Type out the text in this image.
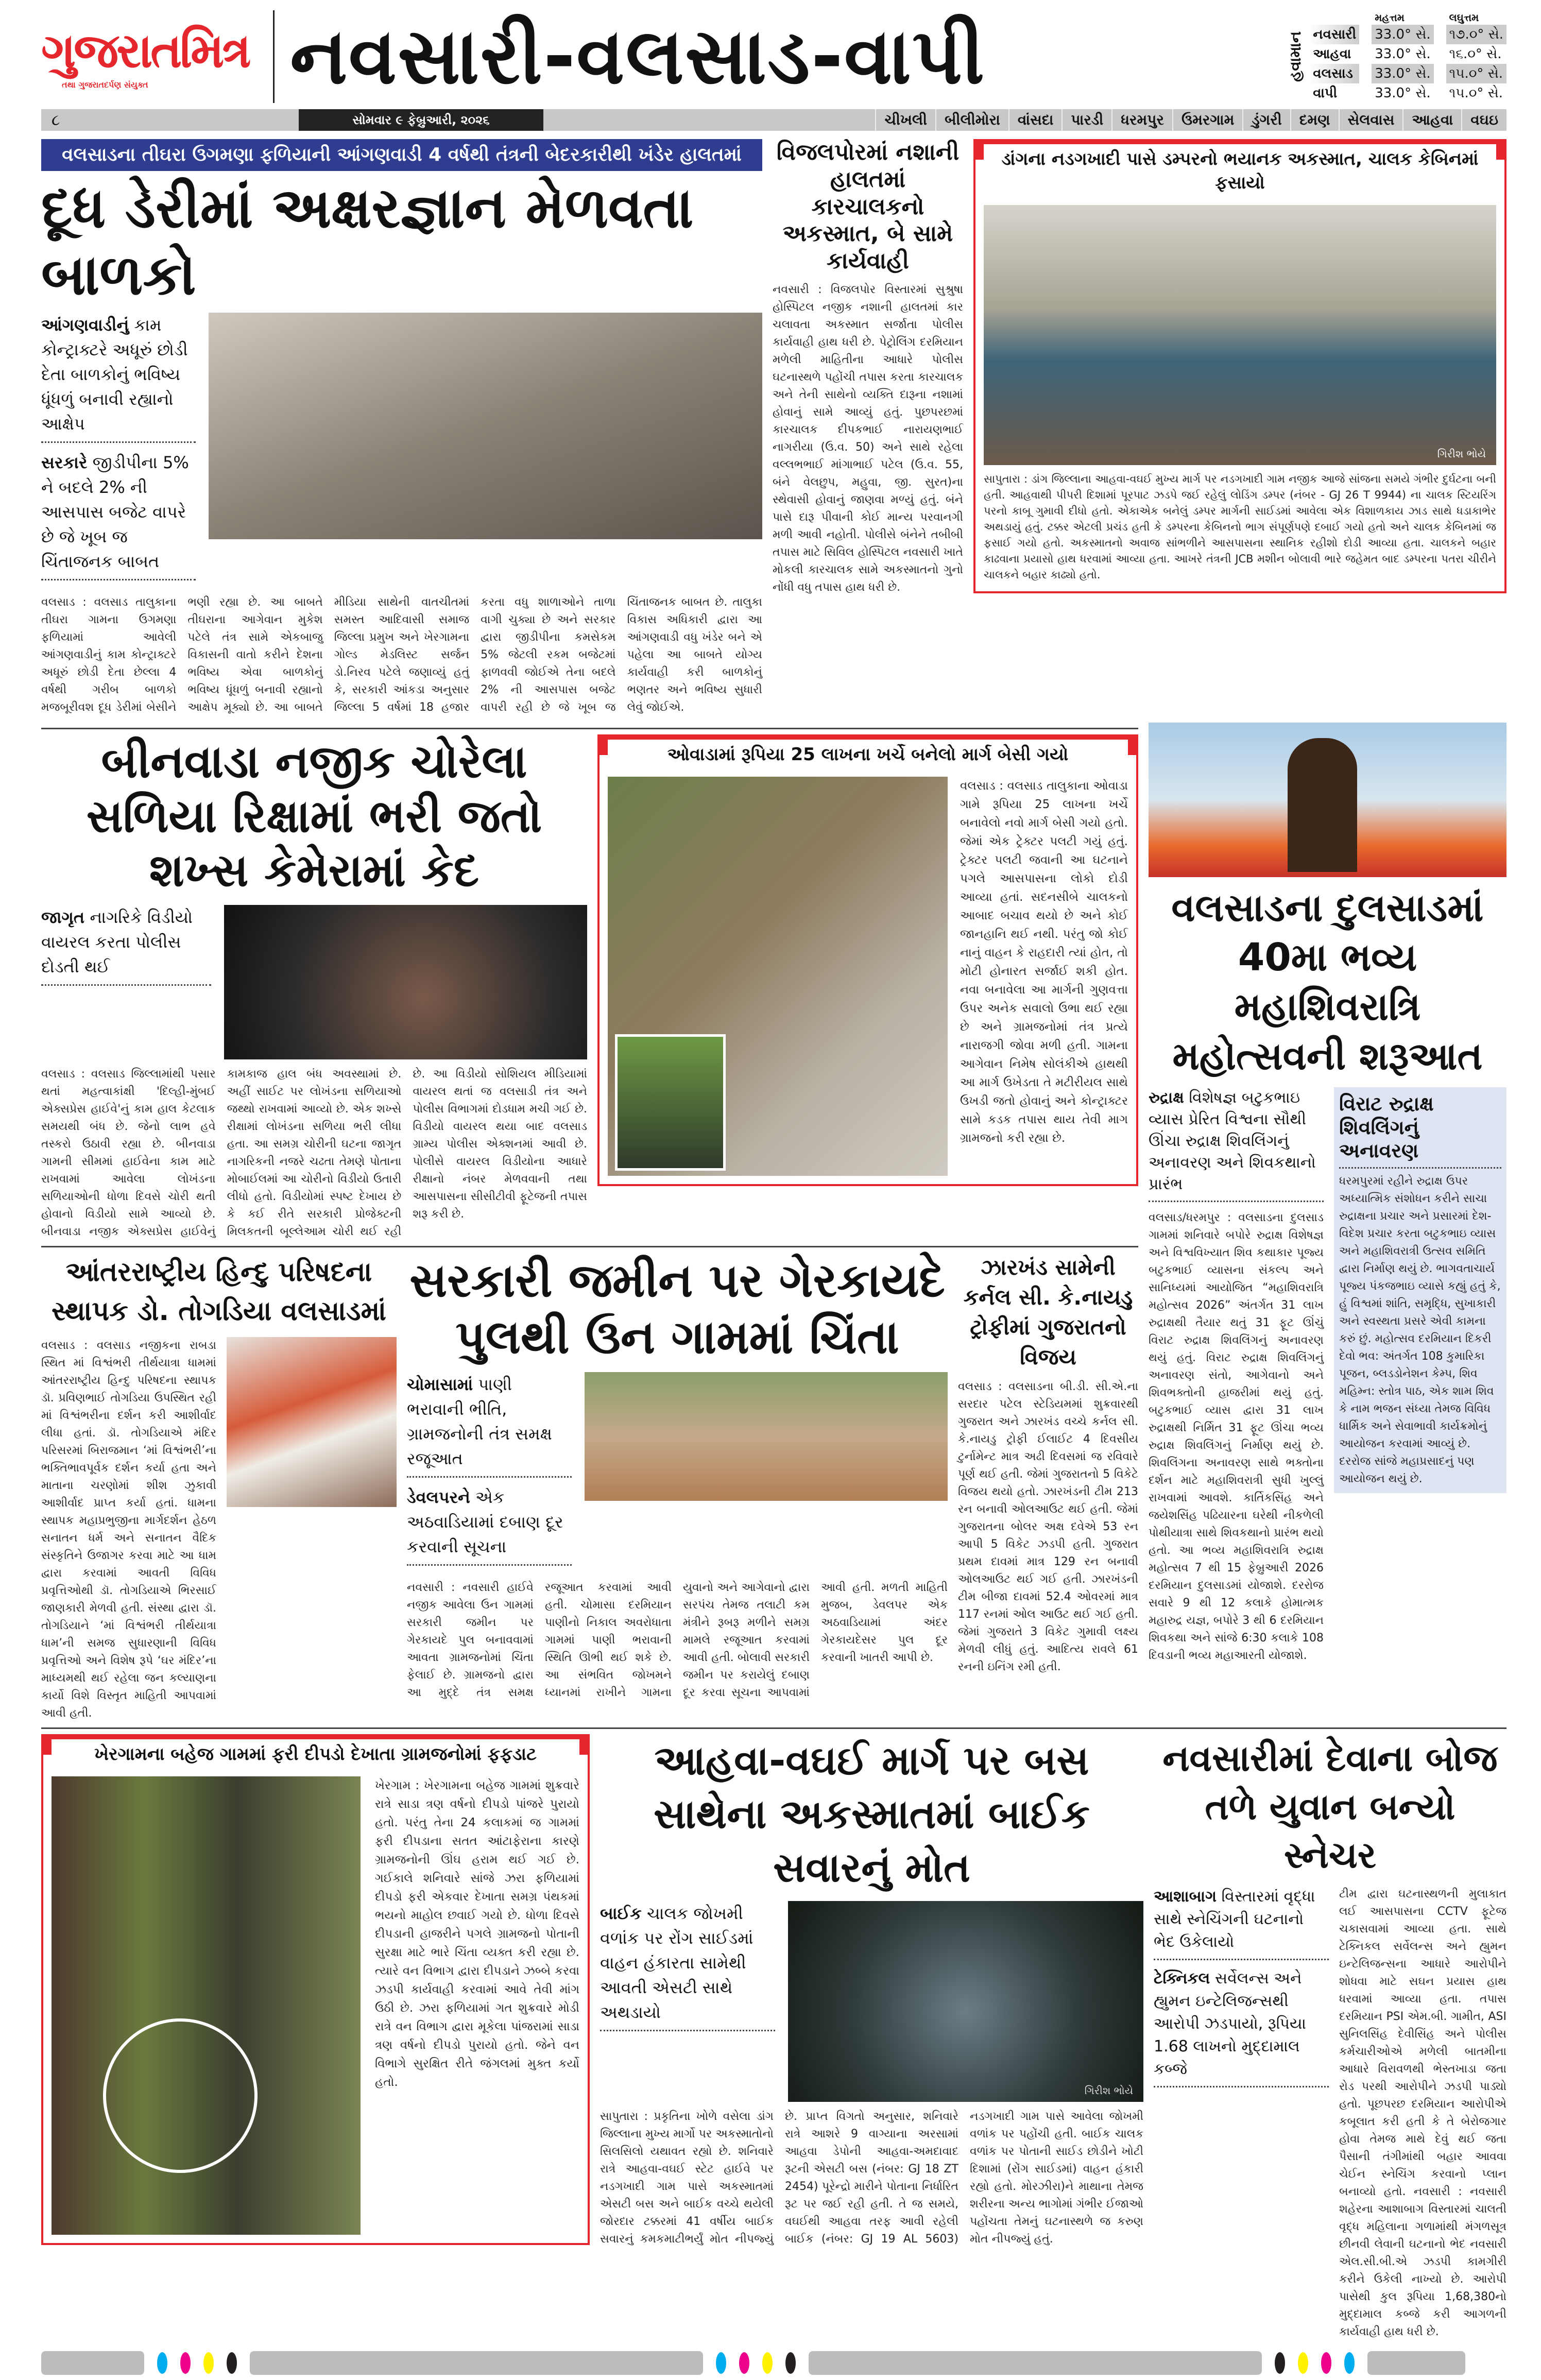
ગુજરાતમિત્ર
તથા ગુજરાતદર્પણ સંયુક્ત	નવસારી-વલસાડ-વાપી	હવામાન
મહત્તમ	લઘુત્તમ
નવસારી 33.0° સે. ૧૭.૦° સે.
આહવા	33.0° સે. ૧૬.૦° સે.
વલસાડ	33.0° સે. ૧૫.૦° સે.
વાપી	33.0° સે. ૧૫.૦° સે.
૮	સોમવાર ૯ ફેબ્રુઆરી, ૨૦૨૬	ચીખલી	બીલીમોરા	વાંસદા	પારડી	ધરમપુર	ઉમરગામ	ડુંગરી	દમણ	સેલવાસ	આહવા	વઘઇ
વલસાડના તીઘરા ઉગમણા ફળિયાની આંગણવાડી 4 વર્ષથી તંત્રની બેદરકારીથી ખંડેર હાલતમાં
દૂધ ડેરીમાં અક્ષરજ્ઞાન મેળવતા બાળકો
આંગણવાડીનું કામ કોન્ટ્રાક્ટરે અધૂરું છોડી દેતા બાળકોનું ભવિષ્ય ધૂંધળું બનાવી રહ્યાનો આક્ષેપ
સરકારે જીડીપીના 5% ને બદલે 2% ની આસપાસ બજેટ વાપરે છે જે ખૂબ જ ચિંતાજનક બાબત
વલસાડ : વલસાડ તાલુકાના તીઘરા ગામના ઉગમણા ફળિયામાં આવેલી આંગણવાડીનું કામ કોન્ટ્રાક્ટરે અધૂરું છોડી દેતા છેલ્લા 4 વર્ષથી ગરીબ બાળકો મજબૂરીવશ દૂધ ડેરીમાં બેસીને ભણી રહ્યા છે. આ બાબતે તીઘરાના આગેવાન મુકેશ પટેલે તંત્ર સામે એકબાજુ વિકાસની વાતો કરીને દેશના ભવિષ્ય એવા બાળકોનું ભવિષ્ય ધૂંધળું બનાવી રહ્યાનો આક્ષેપ મૂક્યો છે. આ બાબતે મીડિયા સાથેની વાતચીતમાં સમસ્ત આદિવાસી સમાજ જિલ્લા પ્રમુખ અને ખેરગામના ગોલ્ડ મેડલિસ્ટ સર્જન ડો.નિરવ પટેલે જણાવ્યું હતું કે, સરકારી આંકડા અનુસાર જિલ્લા 5 વર્ષમાં 18 હજાર કરતા વધુ શાળાઓને તાળા વાગી ચુક્યા છે અને સરકાર દ્વારા જીડીપીના કમસેકમ 5% જેટલી રકમ બજેટમાં ફાળવવી જોઈએ તેના બદલે 2% ની આસપાસ બજેટ વાપરી રહી છે જે ખૂબ જ ચિંતાજનક બાબત છે. તાલુકા વિકાસ અધિકારી દ્વારા આ આંગણવાડી વધુ ખંડેર બને એ પહેલા આ બાબતે યોગ્ય કાર્યવાહી કરી બાળકોનું ભણતર અને ભવિષ્ય સુધારી લેવું જોઈએ.
વિજલપોરમાં નશાની હાલતમાં કારચાલકનો અકસ્માત, બે સામે કાર્યવાહી
નવસારી : વિજલપોર વિસ્તારમાં સુશ્રુષા હોસ્પિટલ નજીક નશાની હાલતમાં કાર ચલાવતા અકસ્માત સર્જાતા પોલીસ કાર્યવાહી હાથ ધરી છે. પેટ્રોલિંગ દરમિયાન મળેલી માહિતીના આધારે પોલીસ ઘટનાસ્થળે પહોંચી તપાસ કરતા કારચાલક અને તેની સાથેનો વ્યક્તિ દારૂના નશામાં હોવાનું સામે આવ્યું હતું. પુછપરછમાં કારચાલક દીપકભાઈ નારાયણભાઈ નાગરીયા (ઉ.વ. 50) અને સાથે રહેલા વલ્લભભાઈ માંગાભાઈ પટેલ (ઉ.વ. 55, બંને વેલછુપ, મહુવા, જી. સુરત)ના સ્થેવાસી હોવાનું જાણવા મળ્યું હતું. બંને પાસે દારૂ પીવાની કોઈ માન્ય પરવાનગી મળી આવી નહોતી. પોલીસે બંનેને તબીબી તપાસ માટે સિવિલ હોસ્પિટલ નવસારી ખાતે મોકલી કારચાલક સામે અકસ્માતનો ગુનો નોંધી વધુ તપાસ હાથ ધરી છે.
ડાંગના નડગખાદી પાસે ડમ્પરનો ભયાનક અકસ્માત, ચાલક કેબિનમાં ફસાયો
ગિરીશ ભોયે
સાપુતારા : ડાંગ જિલ્લાના આહવા-વઘઈ મુખ્ય માર્ગ પર નડગખાદી ગામ નજીક આજે સાંજના સમયે ગંભીર દુર્ઘટના બની હતી. આહવાથી પીપરી દિશામાં પૂરપાટ ઝડપે જઈ રહેલું લોડિંગ ડમ્પર (નંબર - GJ 26 T 9944) ના ચાલક સ્ટિયરિંગ પરનો કાબૂ ગુમાવી દીધો હતો. એકાએક બનેલું ડમ્પર માર્ગની સાઈડમાં આવેલા એક વિશાળકાય ઝાડ સાથે ધડાકાભેર અથડાયું હતું. ટક્કર એટલી પ્રચંડ હતી કે ડમ્પરના કેબિનનો ભાગ સંપૂર્ણપણે દબાઈ ગયો હતો અને ચાલક કેબિનમાં જ ફસાઈ ગયો હતો. અકસ્માતનો અવાજ સાંભળીને આસપાસના સ્થાનિક રહીશો દોડી આવ્યા હતા. ચાલકને બહાર કાઢવાના પ્રયાસો હાથ ધરવામાં આવ્યા હતા. આખરે તંત્રની JCB મશીન બોલાવી ભારે જહેમત બાદ ડમ્પરના પતરા ચીરીને ચાલકને બહાર કાઢ્યો હતો.
બીનવાડા નજીક ચોરેલા સળિયા રિક્ષામાં ભરી જતો શખ્સ કેમેરામાં કેદ
જાગૃત નાગરિકે વિડીયો વાયરલ કરતા પોલીસ દોડતી થઈ
વલસાડ : વલસાડ જિલ્લામાંથી પસાર થતાં મહત્વાકાંક્ષી 'દિલ્હી-મુંબઈ એક્સપ્રેસ હાઈવે'નું કામ હાલ કેટલાક સમયથી બંધ છે. જેનો લાભ હવે તસ્કરો ઉઠાવી રહ્યા છે. બીનવાડા ગામની સીમમાં હાઈવેના કામ માટે રાખવામાં આવેલા લોખંડના સળિયાઓની ધોળા દિવસે ચોરી થતી હોવાનો વિડીયો સામે આવ્યો છે. બીનવાડા નજીક એક્સપ્રેસ હાઈવેનું કામકાજ હાલ બંધ અવસ્થામાં છે. અહીં સાઈટ પર લોખંડના સળિયાઓ જથ્થો રાખવામાં આવ્યો છે. એક શખ્સે રીક્ષામાં લોખંડના સળિયા ભરી લીધા હતા. આ સમગ્ર ચોરીની ઘટના જાગૃત નાગરિકની નજરે ચઢતા તેમણે પોતાના મોબાઈલમાં આ ચોરીનો વિડીયો ઉતારી લીધો હતો. વિડીયોમાં સ્પષ્ટ દેખાય છે કે કઈ રીતે સરકારી પ્રોજેક્ટની મિલકતની બૂલ્લેઆમ ચોરી થઈ રહી છે. આ વિડીયો સોશિયલ મીડિયામાં વાયરલ થતાં જ વલસાડી તંત્ર અને પોલીસ વિભાગમાં દોડધામ મચી ગઈ છે. વિડીયો વાયરલ થયા બાદ વલસાડ ગ્રામ્ય પોલીસ એક્શનમાં આવી છે. પોલીસે વાયરલ વિડીયોના આધારે રીક્ષાનો નંબર મેળવવાની તથા આસપાસના સીસીટીવી ફૂટેજની તપાસ શરૂ કરી છે.
ઓવાડામાં રૂપિયા 25 લાખના ખર્ચે બનેલો માર્ગ બેસી ગયો
વલસાડ : વલસાડ તાલુકાના ઓવાડા ગામે રૂપિયા 25 લાખના ખર્ચે બનાવેલો નવો માર્ગ બેસી ગયો હતો. જેમાં એક ટ્રેક્ટર પલટી ગયું હતું. ટ્રેક્ટર પલટી જવાની આ ઘટનાને પગલે આસપાસના લોકો દોડી આવ્યા હતાં. સદનસીબે ચાલકનો આબાદ બચાવ થયો છે અને કોઈ જાનહાનિ થઈ નથી. પરંતુ જો કોઈ નાનું વાહન કે રાહદારી ત્યાં હોત, તો મોટી હોનારત સર્જાઈ શકી હોત. નવા બનાવેલા આ માર્ગની ગુણવત્તા ઉપર અનેક સવાલો ઉભા થઈ રહ્યા છે અને ગ્રામજનોમાં તંત્ર પ્રત્યે નારાજગી જોવા મળી હતી. ગામના આગેવાન નિમેષ સોલંકીએ હાથથી આ માર્ગ ઉખેડતા તે મટીરીયલ સાથે ઉખડી જતો હોવાનું અને કોન્ટ્રાક્ટર સામે કડક તપાસ થાય તેવી માગ ગ્રામજનો કરી રહ્યા છે.
આંતરરાષ્ટ્રીય હિન્દુ પરિષદના સ્થાપક ડો. તોગડિયા વલસાડમાં
વલસાડ : વલસાડ નજીકના રાબડા સ્થિત માં વિશ્વંભરી તીર્થયાત્રા ધામમાં આંતરરાષ્ટ્રીય હિન્દુ પરિષદના સ્થાપક ડૉ. પ્રવિણભાઈ તોગડિયા ઉપસ્થિત રહી માં વિશ્વંભરીના દર્શન કરી આશીર્વાદ લીધા હતાં. ડૉ. તોગડિયાએ મંદિર પરિસરમાં બિરાજમાન ‘માં વિશ્વંભરી’ના ભક્તિભાવપૂર્વક દર્શન કર્યા હતા અને માતાના ચરણોમાં શીશ ઝુકાવી આશીર્વાદ પ્રાપ્ત કર્યા હતાં. ધામના સ્થાપક મહાપ્રભુજીના માર્ગદર્શન હેઠળ સનાતન ધર્મ અને સનાતન વૈદિક સંસ્કૃતિને ઉજાગર કરવા માટે આ ધામ દ્વારા કરવામાં આવતી વિવિધ પ્રવૃત્તિઓથી ડૉ. તોગડિયાએ ભિરસાઈ જાણકારી મેળવી હતી. સંસ્થા દ્વારા ડૉ. તોગડિયાને ‘માં વિશ્વંભરી તીર્થયાત્રા ધામ’ની સમજ સુધારણાની વિવિધ પ્રવૃત્તિઓ અને વિશેષ રૂપે ‘ઘર મંદિર’ના માધ્યમથી થઈ રહેલા જન કલ્યાણના કાર્યો વિશે વિસ્તૃત માહિતી આપવામાં આવી હતી.
સરકારી જમીન પર ગેરકાયદે પુલથી ઉન ગામમાં ચિંતા
ચોમાસામાં પાણી ભરાવાની ભીતિ, ગ્રામજનોની તંત્ર સમક્ષ રજૂઆત
ડેવલપરને એક અઠવાડિયામાં દબાણ દૂર કરવાની સૂચના
નવસારી : નવસારી હાઈવે નજીક આવેલા ઉન ગામમાં સરકારી જમીન પર ગેરકાયદે પુલ બનાવવામાં આવતા ગ્રામજનોમાં ચિંતા ફેલાઈ છે. ગ્રામજનો દ્વારા આ મુદ્દે તંત્ર સમક્ષ રજૂઆત કરવામાં આવી હતી. ચોમાસા દરમિયાન પાણીનો નિકાલ અવરોધાતા ગામમાં પાણી ભરાવાની સ્થિતિ ઊભી થઈ શકે છે. આ સંભવિત જોખમને ધ્યાનમાં રાખીને ગામના યુવાનો અને આગેવાનો દ્વારા સરપંચ તેમજ તલાટી કમ મંત્રીને રૂબરૂ મળીને સમગ્ર મામલે રજૂઆત કરવામાં આવી હતી. બોલાવી સરકારી જમીન પર કરાયેલું દબાણ દૂર કરવા સૂચના આપવામાં આવી હતી. મળતી માહિતી મુજબ, ડેવલપર એક અઠવાડિયામાં અંદર ગેરકાયદેસર પુલ દૂર કરવાની ખાતરી આપી છે.
ઝારખંડ સામેની કર્નલ સી. કે.નાયડુ ટ્રોફીમાં ગુજરાતનો વિજય
વલસાડ : વલસાડના બી.ડી. સી.એ.ના સરદાર પટેલ સ્ટેડિયમમાં શુક્રવારથી ગુજરાત અને ઝારખંડ વચ્ચે કર્નલ સી. કે.નાયડુ ટ્રોફી ઈલાઈટ 4 દિવસીય ટુર્નામેન્ટ માત્ર અઢી દિવસમાં જ રવિવારે પૂર્ણ થઈ હતી. જેમાં ગુજરાતનો 5 વિકેટે વિજય થયો હતો. ઝારખંડની ટીમ 213 રન બનાવી ઓલઆઉટ થઈ હતી. જેમાં ગુજરાતના બોલર અક્ષ દવેએ 53 રન આપી 5 વિકેટ ઝડપી હતી. ગુજરાત પ્રથમ દાવમાં માત્ર 129 રન બનાવી ઓલઆઉટ થઈ ગઈ હતી. ઝારખંડની ટીમ બીજા દાવમાં 52.4 ઓવરમાં માત્ર 117 રનમાં ઓલ આઉટ થઈ ગઈ હતી. જેમાં ગુજરાતે 3 વિકેટ ગુમાવી લક્ષ્ય મેળવી લીધું હતું. આદિત્ય રાવલે 61 રનની ઇનિંગ રમી હતી.
વલસાડના દુલસાડમાં 40મા ભવ્ય મહાશિવરાત્રિ મહોત્સવની શરૂઆત
રુદ્રાક્ષ વિશેષજ્ઞ બટુકભાઇ વ્યાસ પ્રેરિત વિશ્વના સૌથી ઊંચા રુદ્રાક્ષ શિવલિંગનું અનાવરણ અને શિવકથાનો પ્રારંભ
વલસાડ/ધરમપુર : વલસાડના દુલસાડ ગામમાં શનિવારે બપોરે રુદ્રાક્ષ વિશેષજ્ઞ અને વિશ્વવિખ્યાત શિવ કથાકાર પૂજ્ય બટુકભાઈ વ્યાસના સંકલ્પ અને સાનિધ્યમાં આયોજિત “મહાશિવરાત્રિ મહોત્સવ 2026” અંતર્ગત 31 લાખ રુદ્રાક્ષથી તૈયાર થતું 31 ફૂટ ઊંચું વિરાટ રુદ્રાક્ષ શિવલિંગનું અનાવરણ થયું હતું. વિરાટ રુદ્રાક્ષ શિવલિંગનું અનાવરણ સંતો, આગેવાનો અને શિવભક્તોની હાજરીમાં થયું હતું. બટુકભાઈ વ્યાસ દ્વારા 31 લાખ રુદ્રાક્ષથી નિર્મિત 31 ફૂટ ઊંચા ભવ્ય રુદ્રાક્ષ શિવલિંગનું નિર્માણ થયું છે. શિવલિંગના અનાવરણ સાથે ભક્તોના દર્શન માટે મહાશિવરાત્રી સુધી ખુલ્લું રાખવામાં આવશે. કાર્તિકસિંહ અને જયેશસિંહ પઢિયારના ઘરેથી નીકળેલી પોથીયાત્રા સાથે શિવકથાનો પ્રારંભ થયો હતો. આ ભવ્ય મહાશિવરાત્રિ રુદ્રાક્ષ મહોત્સવ 7 થી 15 ફેબ્રુઆરી 2026 દરમિયાન દુલસાડમાં યોજાશે. દરરોજ સવારે 9 થી 12 કલાકે હોમાત્મક મહારુદ્ર યજ્ઞ, બપોરે 3 થી 6 દરમિયાન શિવકથા અને સાંજે 6:30 કલાકે 108 દિવડાની ભવ્ય મહાઆરતી યોજાશે.
વિરાટ રુદ્રાક્ષ શિવલિંગનું અનાવરણ
ધરમપુરમાં રહીને રુદ્રાક્ષ ઉપર અધ્યાત્મિક સંશોધન કરીને સાચા રુદ્રાક્ષના પ્રચાર અને પ્રસારમાં દેશ-વિદેશ પ્રચાર કરતા બટુકભાઇ વ્યાસ અને મહાશિવરાત્રી ઉત્સવ સમિતિ દ્વારા નિર્માણ થયું છે. ભાગવતાચાર્ય પૂજ્ય પંકજભાઇ વ્યાસે કહ્યું હતું કે, હું વિશ્વમાં શાંતિ, સમૃદ્ધિ, સુખાકારી અને સ્વસ્થતા પ્રસરે એવી કામના કરું છું. મહોત્સવ દરમિયાન દિકરી દેવો ભવ: અંતર્ગત 108 કુમારિકા પૂજન, બ્લડડોનેશન કેમ્પ, શિવ મહિમ્ન: સ્તોત્ર પાઠ, એક શામ શિવ કે નામ ભજન સંધ્યા તેમજ વિવિધ ધાર્મિક અને સેવાભાવી કાર્યક્રમોનું આયોજન કરવામાં આવ્યું છે. દરરોજ સાંજે મહાપ્રસાદનું પણ આયોજન થયું છે.
ખેરગામના બહેજ ગામમાં ફરી દીપડો દેખાતા ગ્રામજનોમાં ફફડાટ
ખેરગામ : ખેરગામના બહેજ ગામમાં શુક્રવારે રાત્રે સાડા ત્રણ વર્ષનો દીપડો પાંજરે પુરાયો હતો. પરંતુ તેના 24 કલાકમાં જ ગામમાં ફરી દીપડાના સતત આંટાફેરાના કારણે ગ્રામજનોની ઊંઘ હરામ થઈ ગઈ છે. ગઈકાલે શનિવારે સાંજે ઝરા ફળિયામાં દીપડો ફરી એકવાર દેખાતા સમગ્ર પંથકમાં ભયનો માહોલ છવાઈ ગયો છે. ધોળા દિવસે દીપડાની હાજરીને પગલે ગ્રામજનો પોતાની સુરક્ષા માટે ભારે ચિંતા વ્યક્ત કરી રહ્યા છે. ત્યારે વન વિભાગ દ્વારા દીપડાને ઝબ્બે કરવા ઝડપી કાર્યવાહી કરવામાં આવે તેવી માંગ ઉઠી છે. ઝરા ફળિયામાં ગત શુક્રવારે મોડી રાત્રે વન વિભાગ દ્વારા મૂકેલા પાંજરામાં સાડા ત્રણ વર્ષનો દીપડો પુરાયો હતો. જેને વન વિભાગે સુરક્ષિત રીતે જંગલમાં મુક્ત કર્યો હતો.
આહવા-વઘઈ માર્ગ પર બસ સાથેના અકસ્માતમાં બાઈક સવારનું મોત
બાઈક ચાલક જોખમી વળાંક પર રોંગ સાઈડમાં વાહન હંકારતા સામેથી આવતી એસટી સાથે અથડાયો
ગિરીશ ભોયે
સાપુતારા : પ્રકૃતિના ખોળે વસેલા ડાંગ જિલ્લાના મુખ્ય માર્ગો પર અકસ્માતોનો સિલસિલો યથાવત રહ્યો છે. શનિવારે રાત્રે આહવા-વઘઈ સ્ટેટ હાઈવે પર નડગખાદી ગામ પાસે અકસ્માતમાં એસટી બસ અને બાઈક વચ્ચે થયેલી જોરદાર ટક્કરમાં 41 વર્ષીય બાઈક સવારનું કમકમાટીભર્યું મોત નીપજ્યું છે. પ્રાપ્ત વિગતો અનુસાર, શનિવારે રાત્રે આશરે 9 વાગ્યાના અરસામાં આહવા ડેપોની આહવા-અમદાવાદ રૂટની એસટી બસ (નંબર: GJ 18 ZT 2454) પૂરેન્દ્રો મારીને પોતાના નિર્ધારિત રૂટ પર જઈ રહી હતી. તે જ સમયે, વઘઈથી આહવા તરફ આવી રહેલી બાઈક (નંબર: GJ 19 AL 5603) નડગખાદી ગામ પાસે આવેલા જોખમી વળાંક પર પહોંચી હતી. બાઈક ચાલક વળાંક પર પોતાની સાઈડ છોડીને ખોટી દિશામાં (રોંગ સાઈડમાં) વાહન હંકારી રહ્યો હતો. મોરઝીરા)ને માથાના તેમજ શરીરના અન્ય ભાગોમાં ગંભીર ઈજાઓ પહોંચતા તેમનું ઘટનાસ્થળે જ કરુણ મોત નીપજ્યું હતું.
નવસારીમાં દેવાના બોજ તળે યુવાન બન્યો સ્નેચર
આશાબાગ વિસ્તારમાં વૃદ્ધા સાથે સ્નેચિંગની ઘટનાનો ભેદ ઉકેલાયો
ટેક્નિકલ સર્વેલન્સ અને હ્યુમન ઇન્ટેલિજન્સથી આરોપી ઝડપાયો, રૂપિયા 1.68 લાખનો મુદ્દામાલ કબ્જે
ટીમ દ્વારા ઘટનાસ્થળની મુલાકાત લઈ આસપાસના CCTV ફૂટેજ ચકાસવામાં આવ્યા હતા. સાથે ટેક્નિકલ સર્વેલન્સ અને હ્યુમન ઇન્ટેલિજન્સના આધારે આરોપીને શોધવા માટે સઘન પ્રયાસ હાથ ધરવામાં આવ્યા હતા. તપાસ દરમિયાન PSI એમ.બી. ગામીત, ASI સુનિલસિંહ દેવીસિંહ અને પોલીસ કર્મચારીઓએ મળેલી બાતમીના આધારે વિરાવળથી ભેસ્તખાડા જતા રોડ પરથી આરોપીને ઝડપી પાડ્યો હતો. પૂછપરછ દરમિયાન આરોપીએ કબૂલાત કરી હતી કે તે બેરોજગાર હોવા તેમજ માથે દેવું થઈ જતા પૈસાની તંગીમાંથી બહાર આવવા ચેઈન સ્નેચિંગ કરવાનો પ્લાન બનાવ્યો હતો. નવસારી : નવસારી શહેરના આશાબાગ વિસ્તારમાં ચાલતી વૃદ્ધ મહિલાના ગળામાંથી મંગળસૂત્ર છીનવી લેવાની ઘટનાનો ભેદ નવસારી એલ.સી.બી.એ ઝડપી કામગીરી કરીને ઉકેલી નાખ્યો છે. આરોપી પાસેથી કુલ રૂપિયા 1,68,380નો મુદ્દામાલ કબ્જે કરી આગળની કાર્યવાહી હાથ ધરી છે.
